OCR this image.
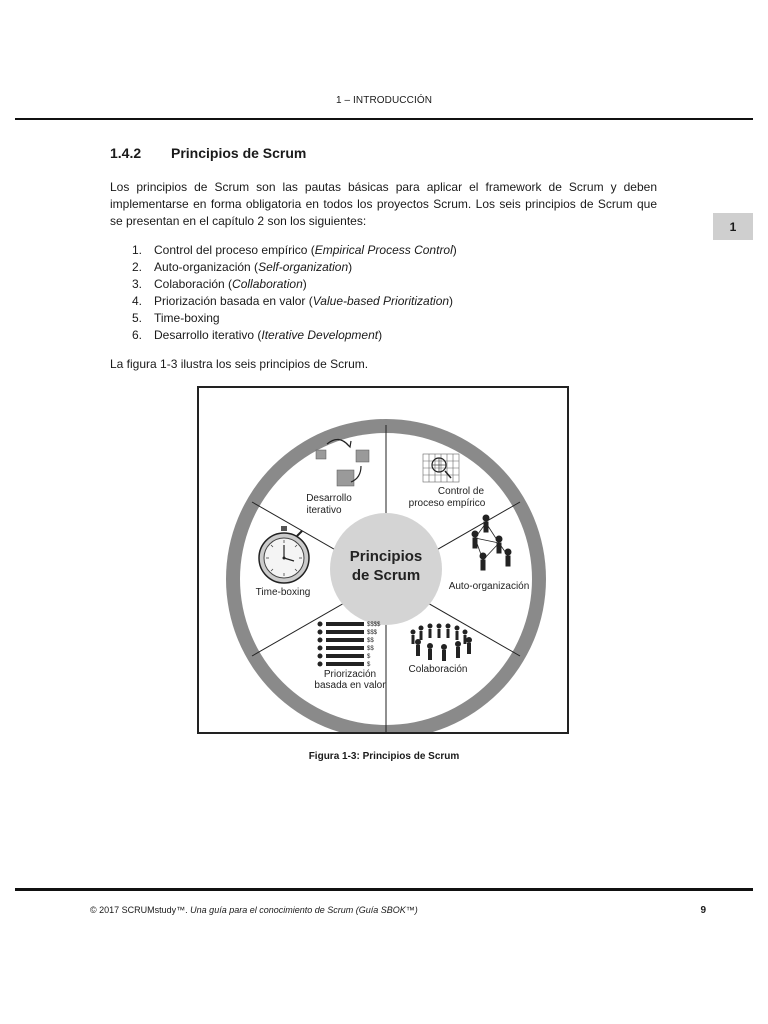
1 – INTRODUCCIÓN
1
1.4.2 Principios de Scrum
Los principios de Scrum son las pautas básicas para aplicar el framework de Scrum y deben implementarse en forma obligatoria en todos los proyectos Scrum. Los seis principios de Scrum que se presentan en el capítulo 2 son los siguientes:
1. Control del proceso empírico (Empirical Process Control)
2. Auto-organización (Self-organization)
3. Colaboración (Collaboration)
4. Priorización basada en valor (Value-based Prioritization)
5. Time-boxing
6. Desarrollo iterativo (Iterative Development)
La figura 1-3 ilustra los seis principios de Scrum.
Principios
de Scrum
Desarrollo
iterativo
Control de
proceso empírico
Auto-organización
Colaboración
$$$$
$$$
$$
$$
$
$
Priorización
basada en valor
Time-boxing
Figura 1-3: Principios de Scrum
© 2017 SCRUMstudy™. Una guía para el conocimiento de Scrum (Guía SBOK™)	9
